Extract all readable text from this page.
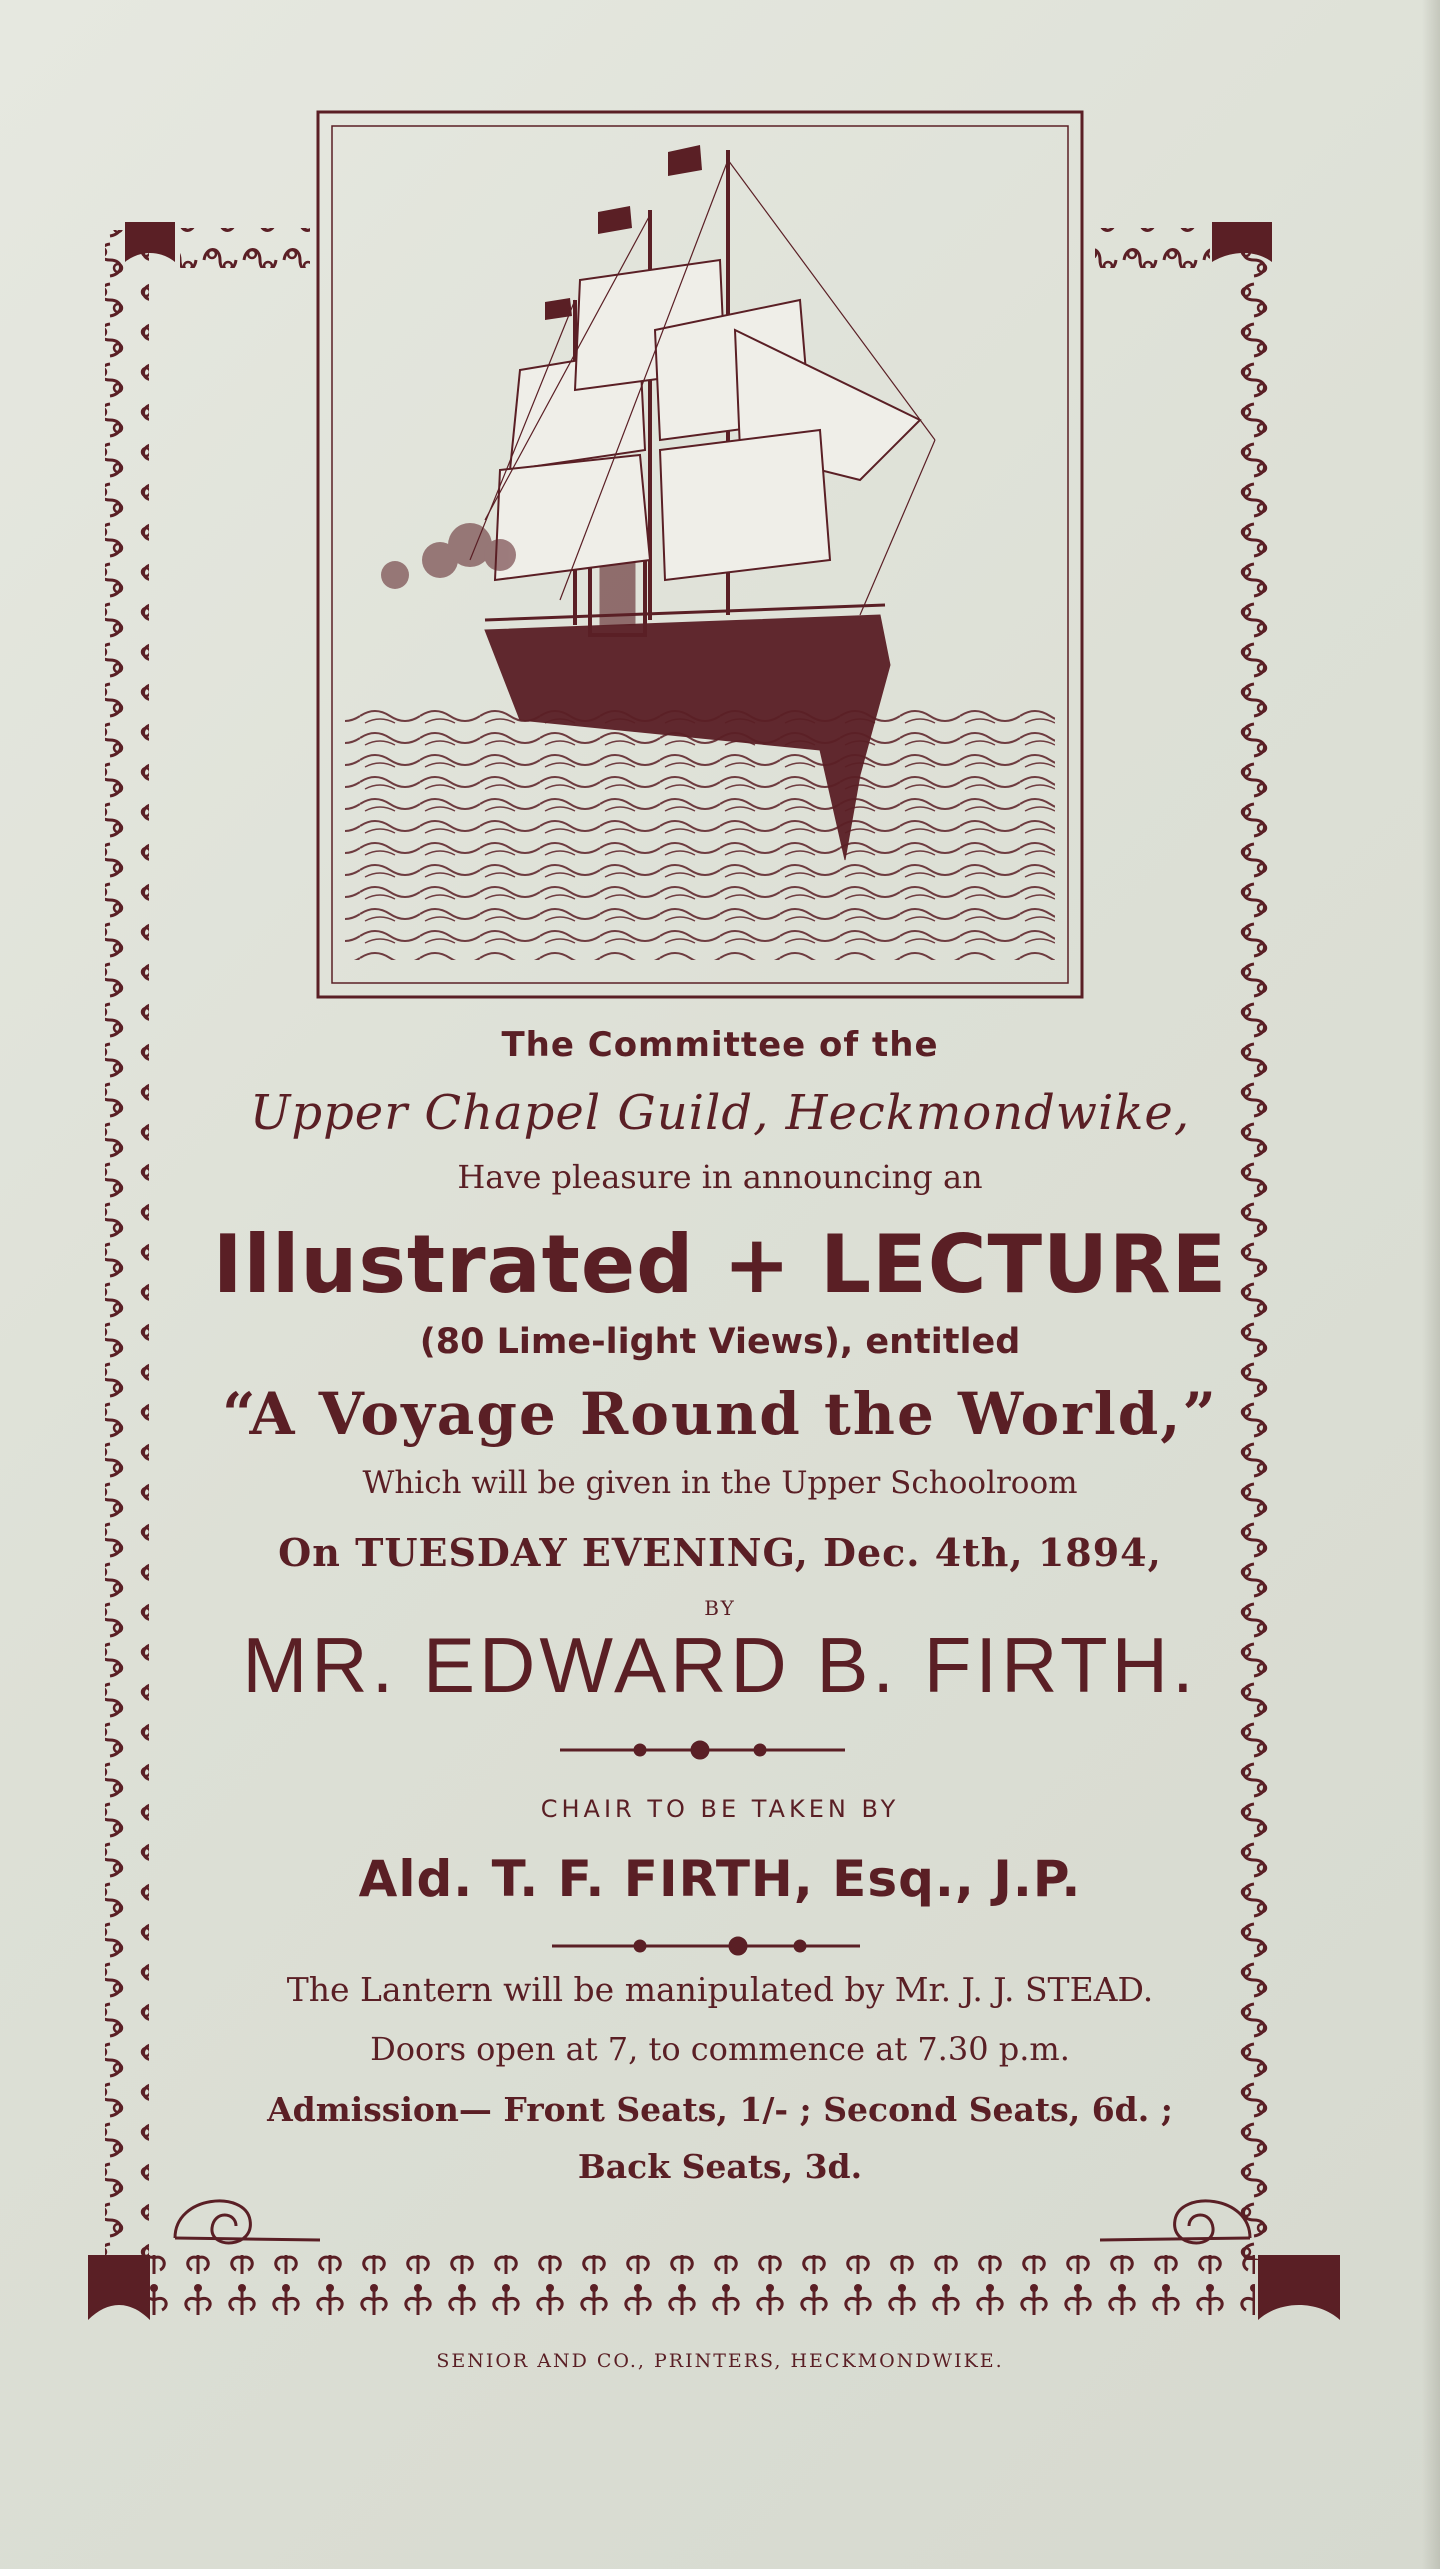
The Committee of the
Upper Chapel Guild, Heckmondwike,
Have pleasure in announcing an
Illustrated + LECTURE
(80 Lime-light Views), entitled
“A Voyage Round the World,”
Which will be given in the Upper Schoolroom
On TUESDAY EVENING, Dec. 4th, 1894,
BY
MR. EDWARD B. FIRTH.
CHAIR TO BE TAKEN BY
Ald. T. F. FIRTH, Esq., J.P.
The Lantern will be manipulated by Mr. J. J. STEAD.
Doors open at 7, to commence at 7.30 p.m.
Admission— Front Seats, 1/- ; Second Seats, 6d. ;
Back Seats, 3d.
SENIOR AND CO., PRINTERS, HECKMONDWIKE.
